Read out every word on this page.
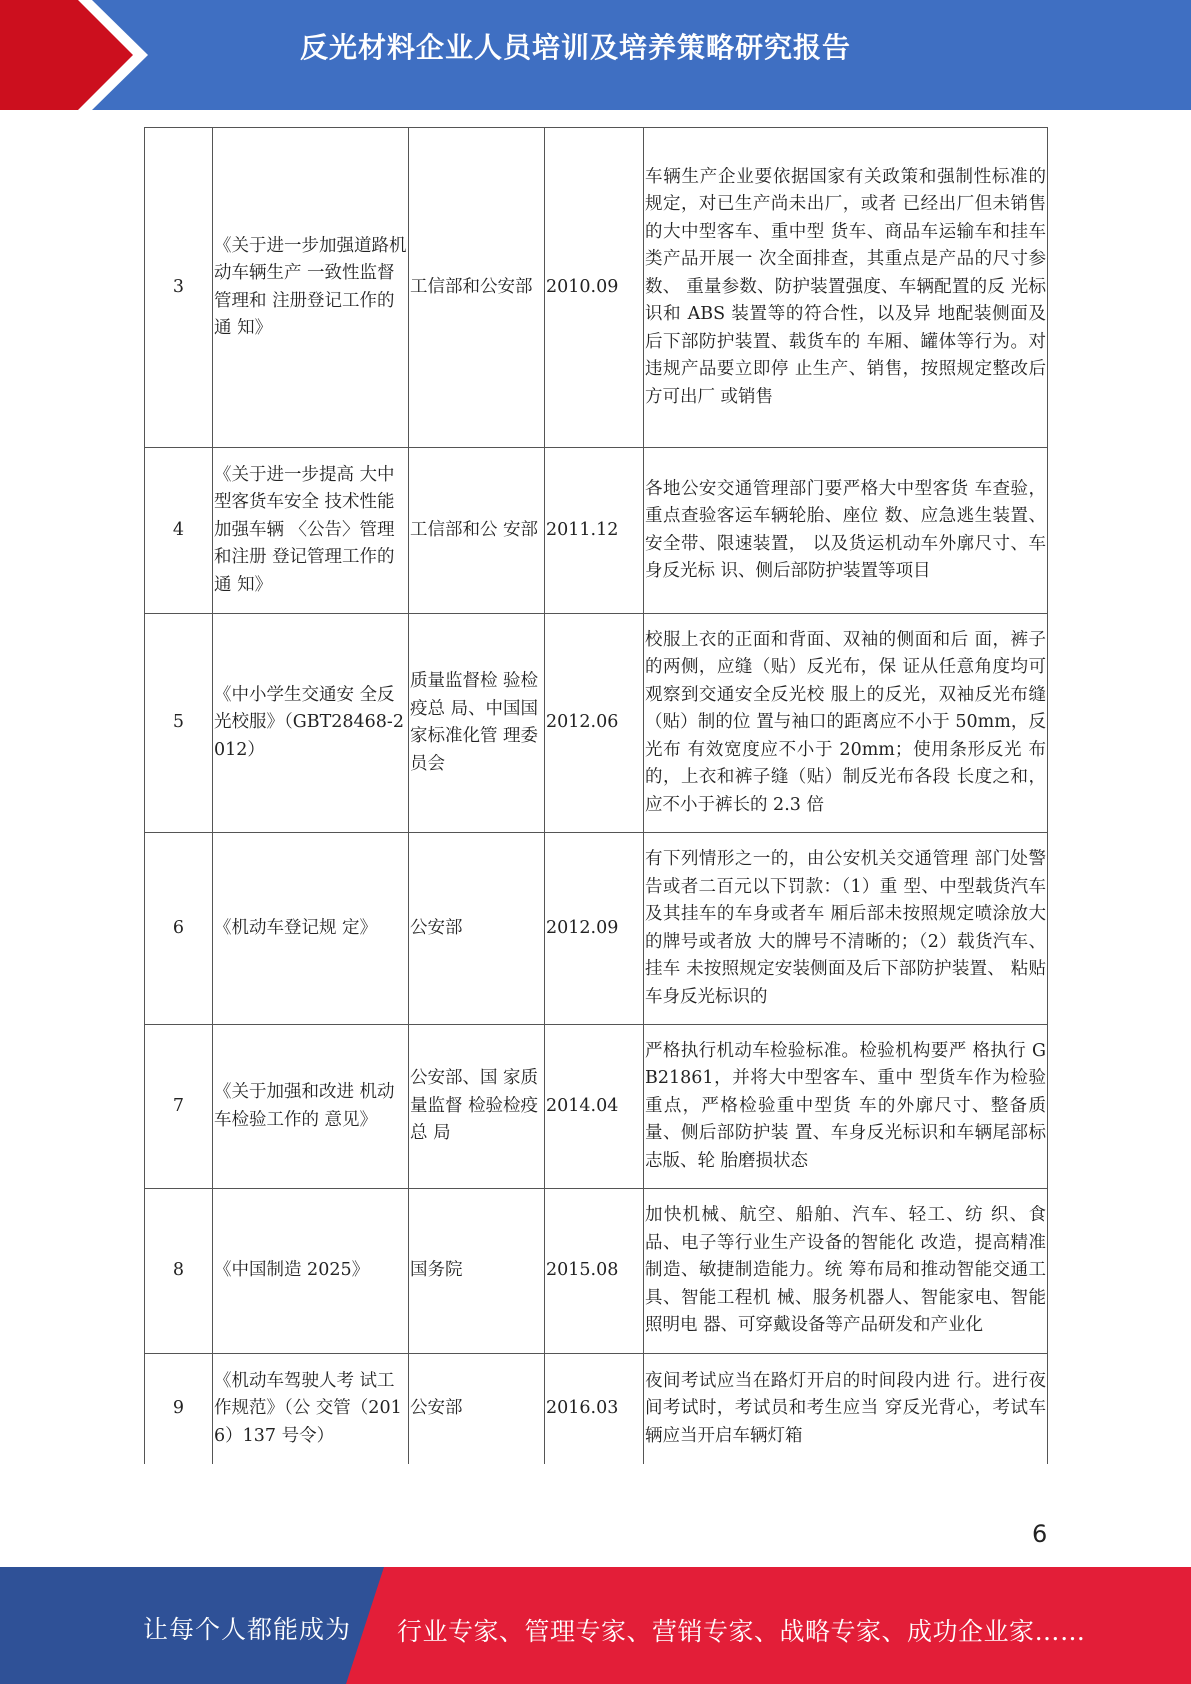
反光材料企业人员培训及培养策略研究报告
3	《关于进一步加强道路机动车辆生产 一致性监督管理和 注册登记工作的通 知》	工信部和公安部	2010.09	车辆生产企业要依据国家有关政策和强制性标准的规定，对已生产尚未出厂，或者 已经出厂但未销售的大中型客车、重中型 货车、商品车运输车和挂车类产品开展一 次全面排查，其重点是产品的尺寸参数、 重量参数、防护装置强度、车辆配置的反 光标识和 ABS 装置等的符合性，以及异 地配装侧面及后下部防护装置、载货车的 车厢、罐体等行为。对违规产品要立即停 止生产、销售，按照规定整改后方可出厂 或销售
4	《关于进一步提高 大中型客货车安全 技术性能加强车辆 〈公告〉管理和注册 登记管理工作的通 知》	工信部和公 安部	2011.12	各地公安交通管理部门要严格大中型客货 车查验，重点查验客运车辆轮胎、座位 数、应急逃生装置、安全带、限速装置， 以及货运机动车外廓尺寸、车身反光标 识、侧后部防护装置等项目
5	《中小学生交通安 全反光校服》（GBT28468-2012）	质量监督检 验检疫总 局、中国国 家标准化管 理委员会	2012.06	校服上衣的正面和背面、双袖的侧面和后 面，裤子的两侧，应缝（贴）反光布，保 证从任意角度均可观察到交通安全反光校 服上的反光，双袖反光布缝（贴）制的位 置与袖口的距离应不小于 50mm，反光布 有效宽度应不小于 20mm；使用条形反光 布的，上衣和裤子缝（贴）制反光布各段 长度之和，应不小于裤长的 2.3 倍
6	《机动车登记规 定》	公安部	2012.09	有下列情形之一的，由公安机关交通管理 部门处警告或者二百元以下罚款：（1）重 型、中型载货汽车及其挂车的车身或者车 厢后部未按照规定喷涂放大的牌号或者放 大的牌号不清晰的；（2）载货汽车、挂车 未按照规定安装侧面及后下部防护装置、 粘贴车身反光标识的
7	《关于加强和改进 机动车检验工作的 意见》	公安部、国 家质量监督 检验检疫总 局	2014.04	严格执行机动车检验标准。检验机构要严 格执行 GB21861，并将大中型客车、重中 型货车作为检验重点，严格检验重中型货 车的外廓尺寸、整备质量、侧后部防护装 置、车身反光标识和车辆尾部标志版、轮 胎磨损状态
8	《中国制造 2025》	国务院	2015.08	加快机械、航空、船舶、汽车、轻工、纺 织、食品、电子等行业生产设备的智能化 改造，提高精准制造、敏捷制造能力。统 筹布局和推动智能交通工具、智能工程机 械、服务机器人、智能家电、智能照明电 器、可穿戴设备等产品研发和产业化
9	《机动车驾驶人考 试工作规范》（公 交管（2016）137 号令）	公安部	2016.03	夜间考试应当在路灯开启的时间段内进 行。进行夜间考试时，考试员和考生应当 穿反光背心，考试车辆应当开启车辆灯箱
6
让每个人都能成为 行业专家、管理专家、营销专家、战略专家、成功企业家……
